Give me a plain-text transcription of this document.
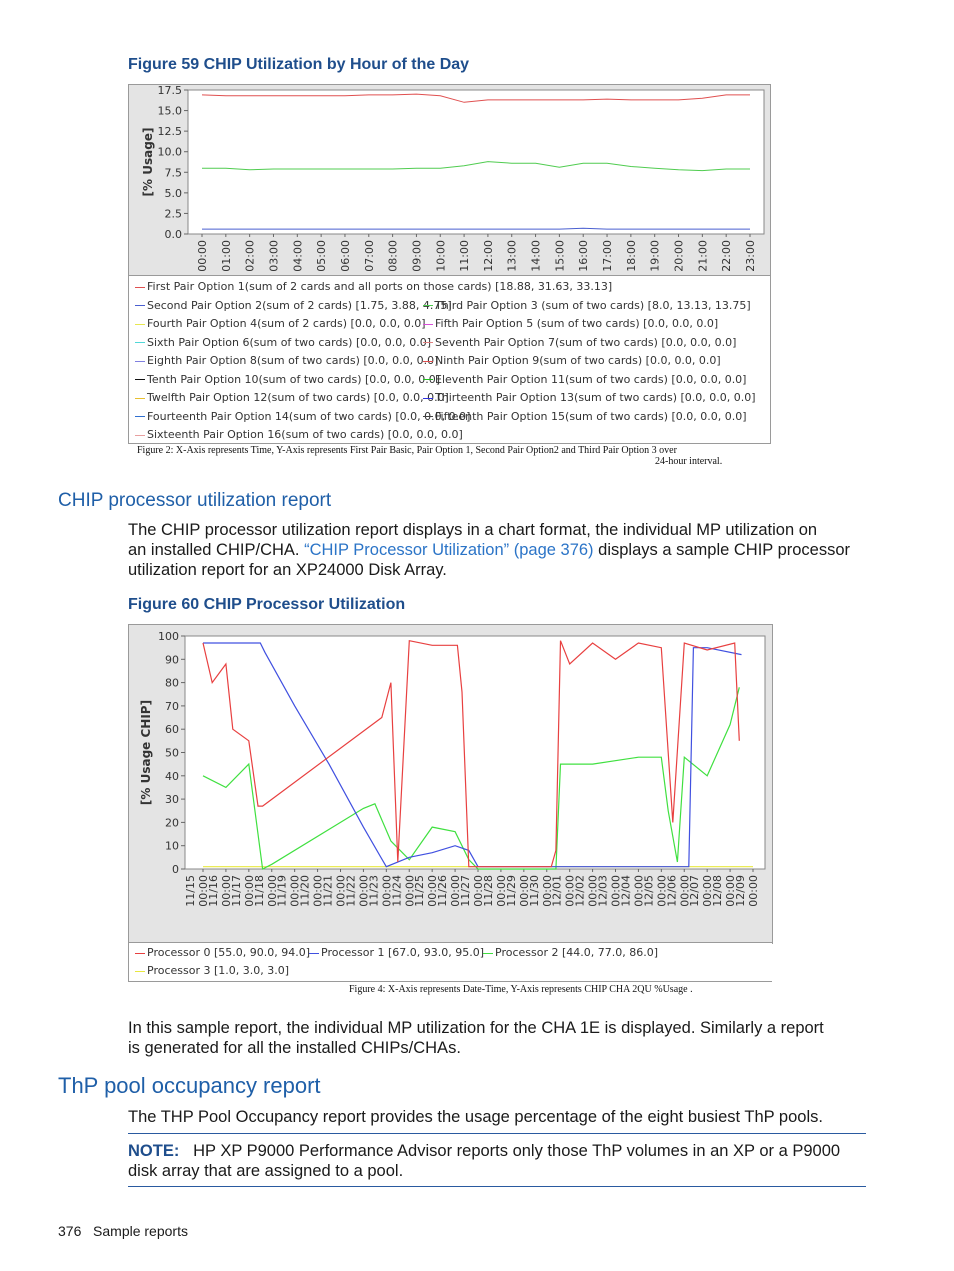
Figure 59 CHIP Utilization by Hour of the Day
0.0
2.5
5.0
7.5
10.0
12.5
15.0
17.5
[% Usage]
00:00 01:00 02:00 03:00 04:00 05:00 06:00 07:00 08:00 09:00 10:00 11:00 12:00 13:00 14:00 15:00 16:00 17:00 18:00 19:00 20:00 21:00 22:00 23:00
First Pair Option 1(sum of 2 cards and all ports on those cards) [18.88, 31.63, 33.13]
Second Pair Option 2(sum of 2 cards) [1.75, 3.88, 4.75]
Third Pair Option 3 (sum of two cards) [8.0, 13.13, 13.75]
Fourth Pair Option 4(sum of 2 cards) [0.0, 0.0, 0.0] Fifth Pair Option 5 (sum of two cards) [0.0, 0.0, 0.0]
Sixth Pair Option 6(sum of two cards) [0.0, 0.0, 0.0] Seventh Pair Option 7(sum of two cards) [0.0, 0.0, 0.0]
Eighth Pair Option 8(sum of two cards) [0.0, 0.0, 0.0]
Ninth Pair Option 9(sum of two cards) [0.0, 0.0, 0.0]
Tenth Pair Option 10(sum of two cards) [0.0, 0.0, 0.0]
Eleventh Pair Option 11(sum of two cards) [0.0, 0.0, 0.0]
Twelfth Pair Option 12(sum of two cards) [0.0, 0.0, 0.0]
Thirteenth Pair Option 13(sum of two cards) [0.0, 0.0, 0.0]
Fourteenth Pair Option 14(sum of two cards) [0.0, 0.0, 0.0]
Fifteenth Pair Option 15(sum of two cards) [0.0, 0.0, 0.0]
Sixteenth Pair Option 16(sum of two cards) [0.0, 0.0, 0.0]
Figure 2: X-Axis represents Time, Y-Axis represents First Pair Basic, Pair Option 1, Second Pair Option2 and Third Pair Option 3 over
24-hour interval.
CHIP processor utilization report
The CHIP processor utilization report displays in a chart format, the individual MP utilization on
an installed CHIP/CHA. “CHIP Processor Utilization” (page 376) displays a sample CHIP processor
utilization report for an XP24000 Disk Array.
Figure 60 CHIP Processor Utilization
0
10
20
30
40
50
60
70
80
90
100
[% Usage CHIP]
00:00
11/15 00:00
11/16 00:00
11/17 00:00
11/18 00:00
11/19 00:00
11/20 00:00
11/21 00:00
11/22 00:00
11/23 00:00
11/24 00:00
11/25 00:00
11/26 00:00
11/27 00:00
11/28 00:00
11/29 00:00
11/30 00:00
12/01 00:00
12/02 00:00
12/03 00:00
12/04 00:00
12/05 00:00
12/06 00:00
12/07 00:00
12/08 00:00
12/09
Processor 0 [55.0, 90.0, 94.0] Processor 1 [67.0, 93.0, 95.0] Processor 2 [44.0, 77.0, 86.0]
Processor 3 [1.0, 3.0, 3.0]
Figure 4: X-Axis represents Date-Time, Y-Axis represents CHIP CHA 2QU %Usage .
In this sample report, the individual MP utilization for the CHA 1E is displayed. Similarly a report
is generated for all the installed CHIPs/CHAs.
ThP pool occupancy report
The THP Pool Occupancy report provides the usage percentage of the eight busiest ThP pools.
NOTE: HP XP P9000 Performance Advisor reports only those ThP volumes in an XP or a P9000
disk array that are assigned to a pool.
376 Sample reports
